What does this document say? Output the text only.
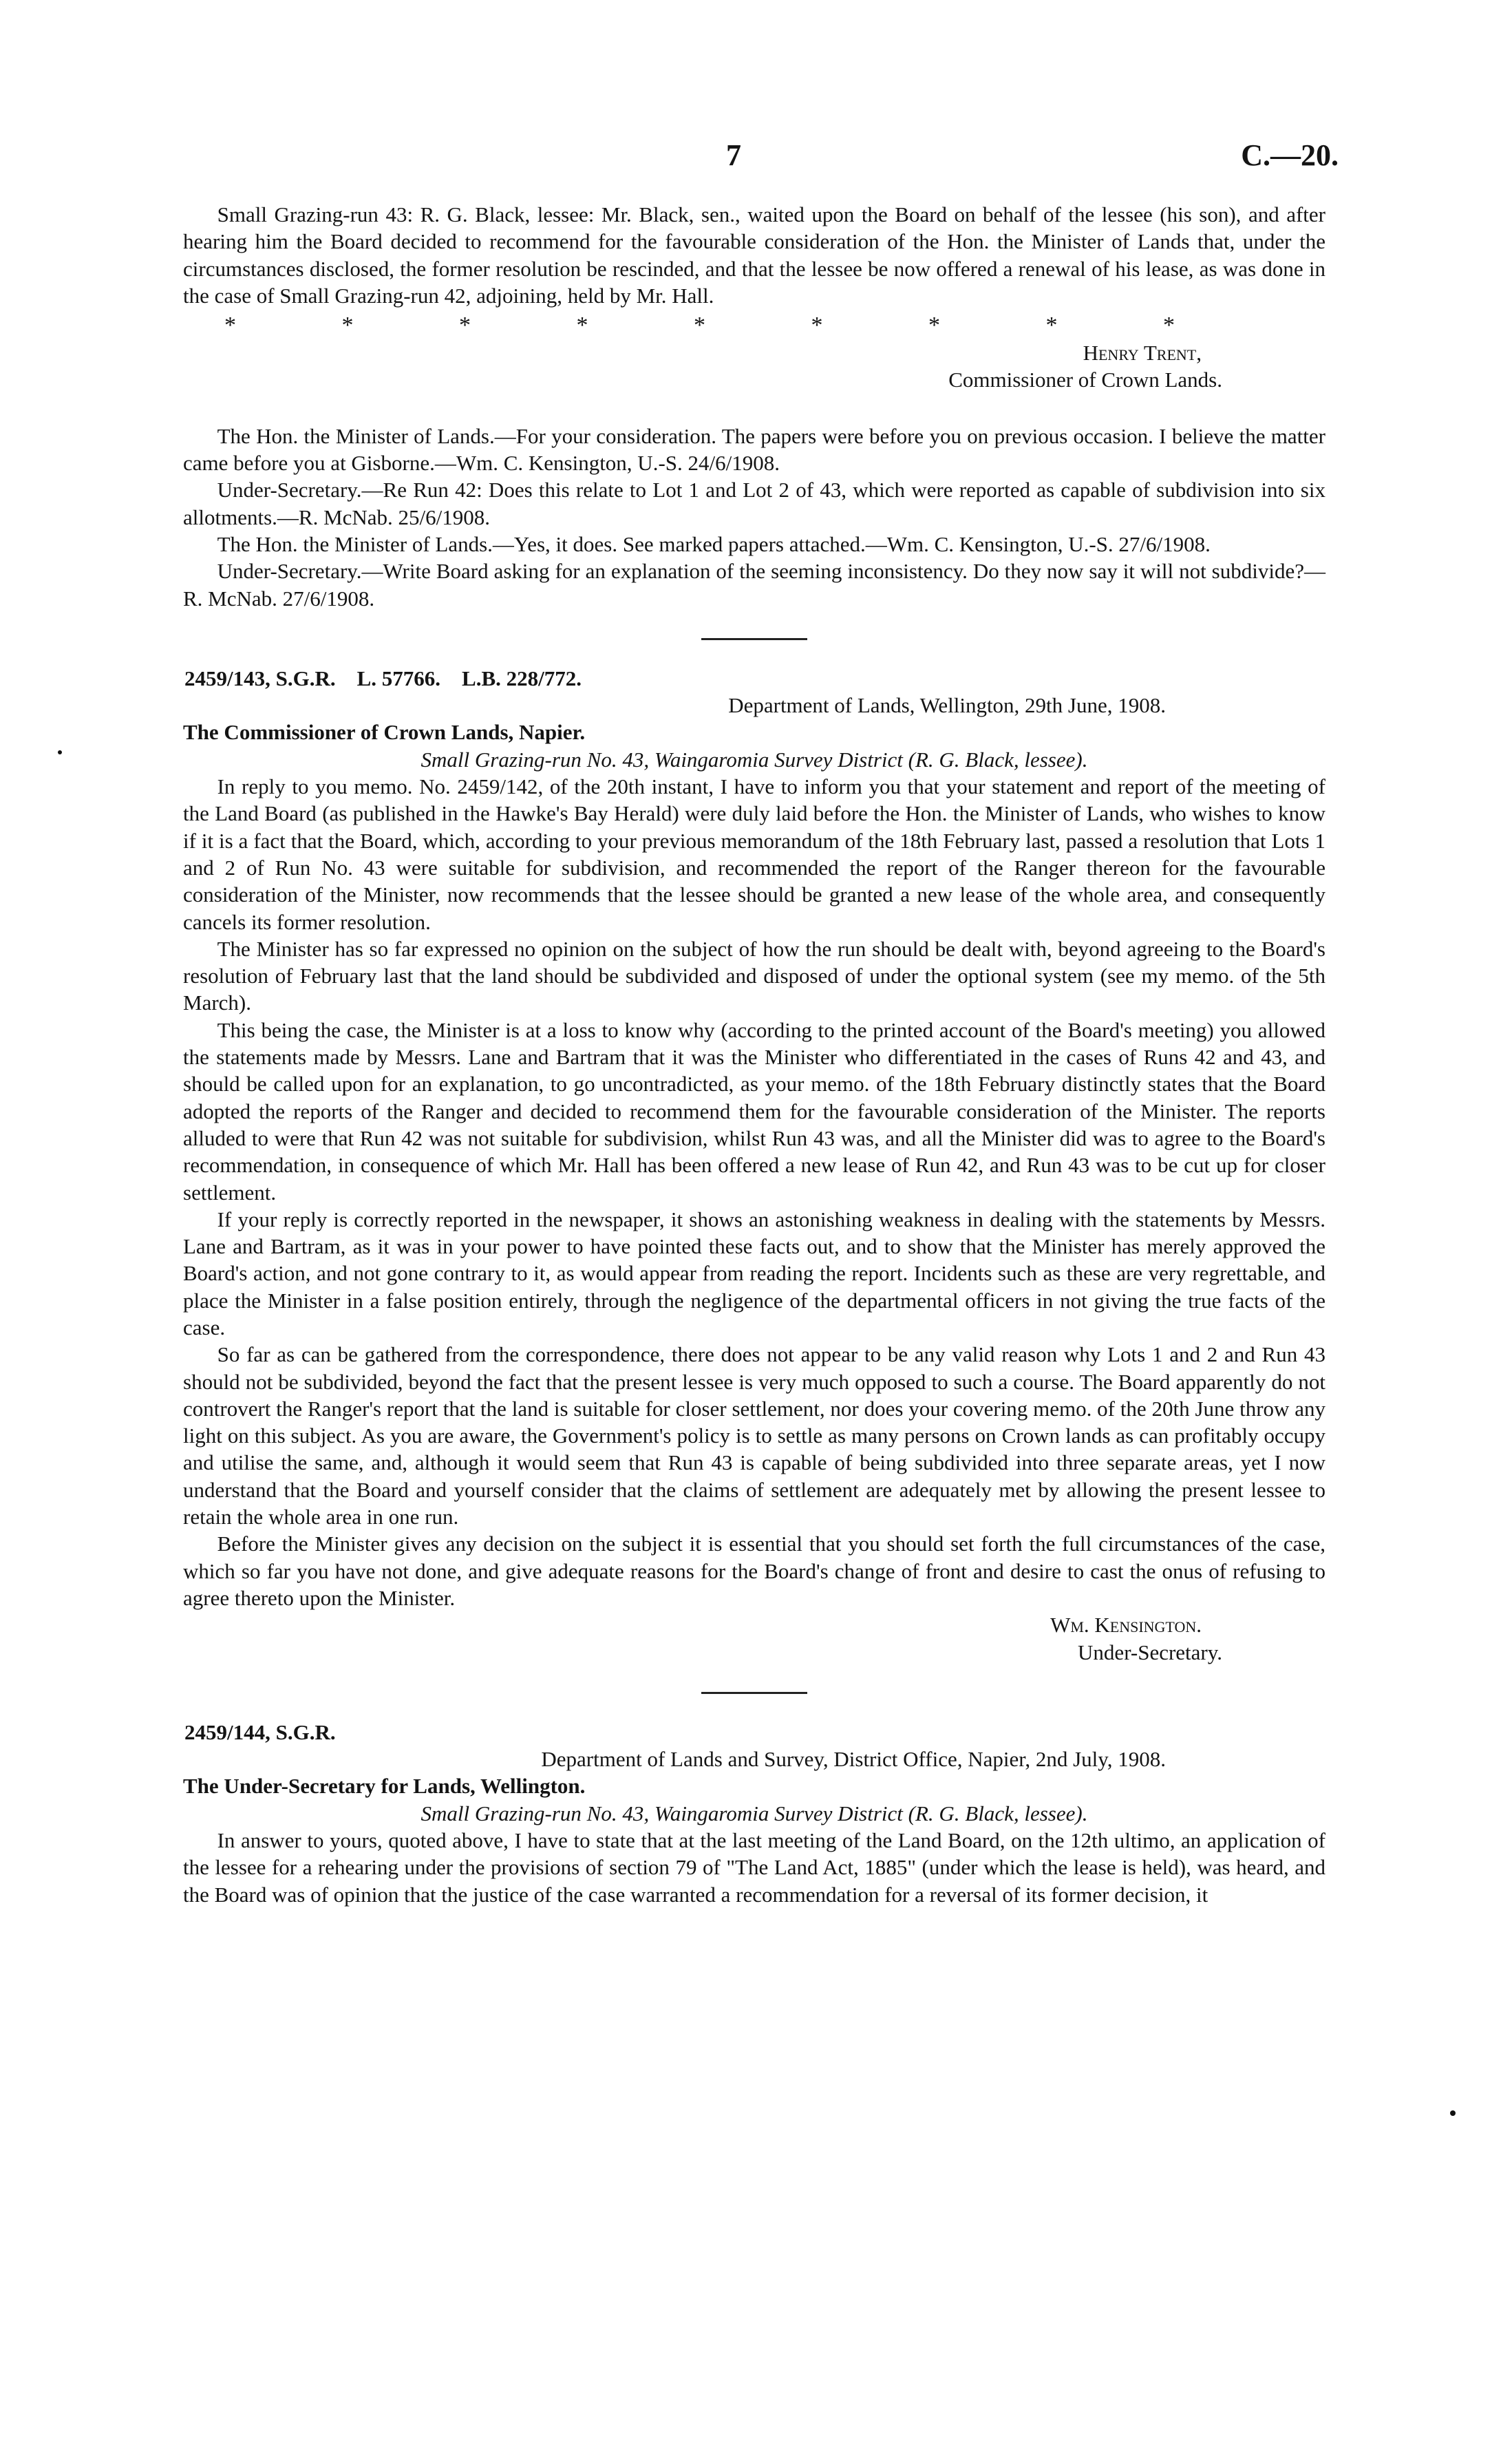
7	C.—20.

Small Grazing-run 43: R. G. Black, lessee: Mr. Black, sen., waited upon the Board on behalf of the lessee (his son), and after hearing him the Board decided to recommend for the favourable consideration of the Hon. the Minister of Lands that, under the circumstances disclosed, the former resolution be rescinded, and that the lessee be now offered a renewal of his lease, as was done in the case of Small Grazing-run 42, adjoining, held by Mr. Hall.

* * * * * * * * *
Henry Trent,
Commissioner of Crown Lands.

The Hon. the Minister of Lands.—For your consideration. The papers were before you on previous occasion. I believe the matter came before you at Gisborne.—Wm. C. Kensington, U.-S. 24/6/1908.

Under-Secretary.—Re Run 42: Does this relate to Lot 1 and Lot 2 of 43, which were reported as capable of subdivision into six allotments.—R. McNab. 25/6/1908.

The Hon. the Minister of Lands.—Yes, it does. See marked papers attached.—Wm. C. Kensington, U.-S. 27/6/1908.

Under-Secretary.—Write Board asking for an explanation of the seeming inconsistency. Do they now say it will not subdivide?—R. McNab. 27/6/1908.

2459/143, S.G.R.    L. 57766.    L.B. 228/772.
Department of Lands, Wellington, 29th June, 1908.
The Commissioner of Crown Lands, Napier.
Small Grazing-run No. 43, Waingaromia Survey District (R. G. Black, lessee).

In reply to you memo. No. 2459/142, of the 20th instant, I have to inform you that your statement and report of the meeting of the Land Board (as published in the Hawke's Bay Herald) were duly laid before the Hon. the Minister of Lands, who wishes to know if it is a fact that the Board, which, according to your previous memorandum of the 18th February last, passed a resolution that Lots 1 and 2 of Run No. 43 were suitable for subdivision, and recommended the report of the Ranger thereon for the favourable consideration of the Minister, now recommends that the lessee should be granted a new lease of the whole area, and consequently cancels its former resolution.

The Minister has so far expressed no opinion on the subject of how the run should be dealt with, beyond agreeing to the Board's resolution of February last that the land should be subdivided and disposed of under the optional system (see my memo. of the 5th March).

This being the case, the Minister is at a loss to know why (according to the printed account of the Board's meeting) you allowed the statements made by Messrs. Lane and Bartram that it was the Minister who differentiated in the cases of Runs 42 and 43, and should be called upon for an explanation, to go uncontradicted, as your memo. of the 18th February distinctly states that the Board adopted the reports of the Ranger and decided to recommend them for the favourable consideration of the Minister. The reports alluded to were that Run 42 was not suitable for subdivision, whilst Run 43 was, and all the Minister did was to agree to the Board's recommendation, in consequence of which Mr. Hall has been offered a new lease of Run 42, and Run 43 was to be cut up for closer settlement.

If your reply is correctly reported in the newspaper, it shows an astonishing weakness in dealing with the statements by Messrs. Lane and Bartram, as it was in your power to have pointed these facts out, and to show that the Minister has merely approved the Board's action, and not gone contrary to it, as would appear from reading the report. Incidents such as these are very regrettable, and place the Minister in a false position entirely, through the negligence of the departmental officers in not giving the true facts of the case.

So far as can be gathered from the correspondence, there does not appear to be any valid reason why Lots 1 and 2 and Run 43 should not be subdivided, beyond the fact that the present lessee is very much opposed to such a course. The Board apparently do not controvert the Ranger's report that the land is suitable for closer settlement, nor does your covering memo. of the 20th June throw any light on this subject. As you are aware, the Government's policy is to settle as many persons on Crown lands as can profitably occupy and utilise the same, and, although it would seem that Run 43 is capable of being subdivided into three separate areas, yet I now understand that the Board and yourself consider that the claims of settlement are adequately met by allowing the present lessee to retain the whole area in one run.

Before the Minister gives any decision on the subject it is essential that you should set forth the full circumstances of the case, which so far you have not done, and give adequate reasons for the Board's change of front and desire to cast the onus of refusing to agree thereto upon the Minister.

Wm. Kensington.
Under-Secretary.
2459/144, S.G.R.
Department of Lands and Survey, District Office, Napier, 2nd July, 1908.
The Under-Secretary for Lands, Wellington.
Small Grazing-run No. 43, Waingaromia Survey District (R. G. Black, lessee).

In answer to yours, quoted above, I have to state that at the last meeting of the Land Board, on the 12th ultimo, an application of the lessee for a rehearing under the provisions of section 79 of "The Land Act, 1885" (under which the lease is held), was heard, and the Board was of opinion that the justice of the case warranted a recommendation for a reversal of its former decision, it
